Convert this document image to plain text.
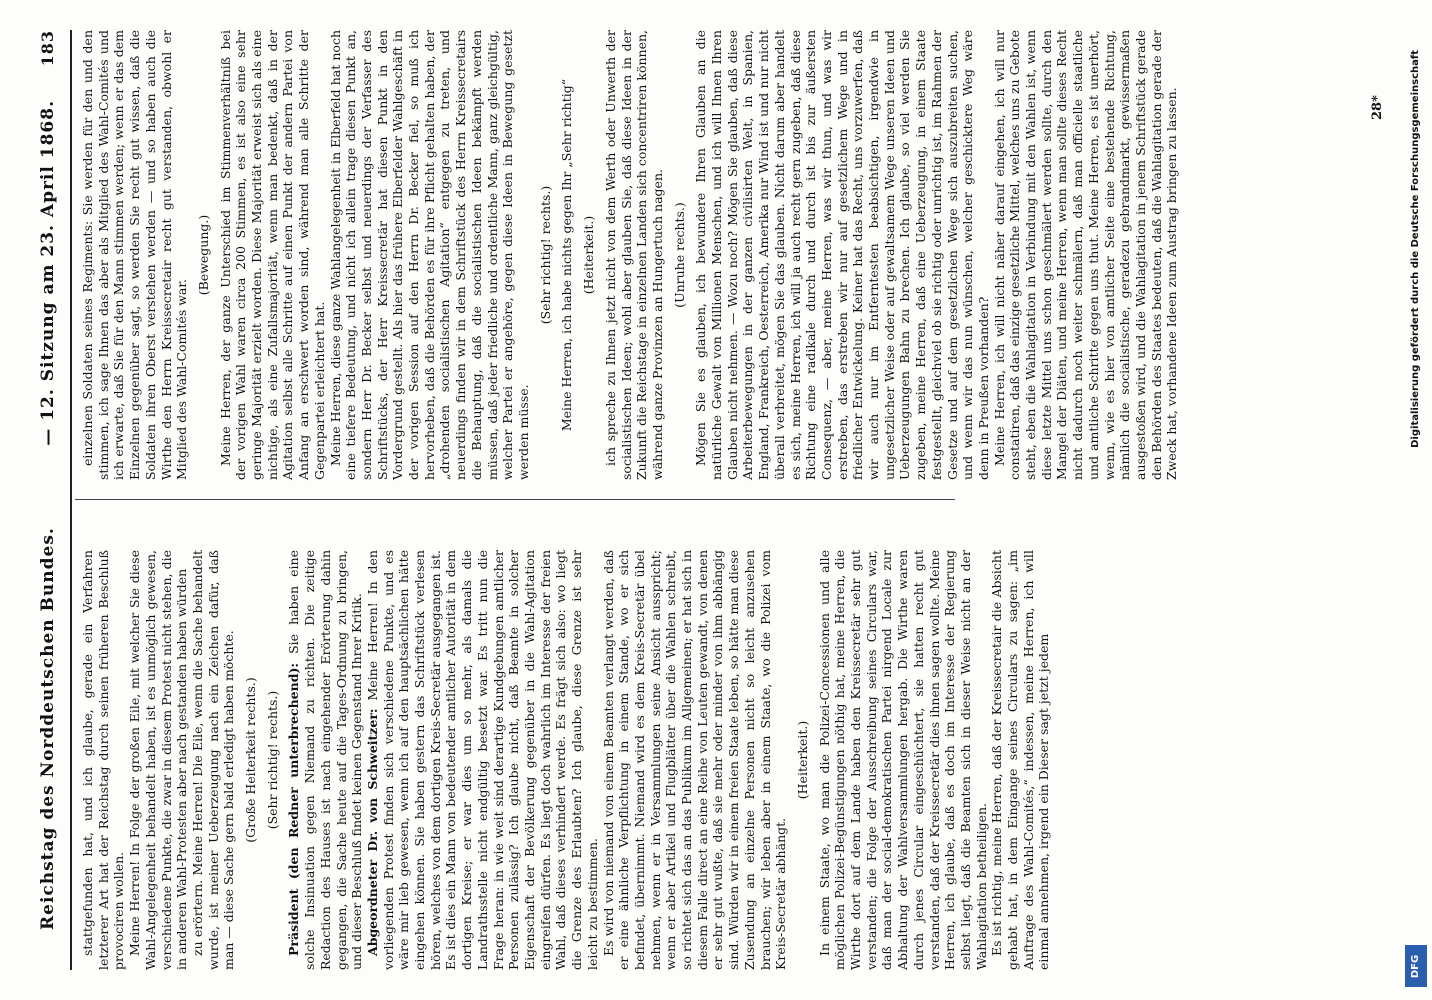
Reichstag des Norddeutschen Bundes.
— 12. Sitzung am 23. April 1868.
183

stattgefunden hat, und ich glaube, gerade ein Verfahren letzterer Art hat der Reichstag durch seinen früheren Beschluß provociren wollen. Meine Herren! In Folge der großen Eile, mit welcher Sie diese Wahl-Angelegenheit behandelt haben, ist es unmöglich gewesen, verschiedene Punkte, die zwar in diesem Protest nicht stehen, die in anderen Wahl-Protesten aber nach gestanden haben würden zu erörtern. Meine Herren! Die Eile, wenn die Sache behandelt wurde, ist meiner Ueberzeugung nach ein Zeichen dafür, daß man — diese Sache gern bald erledigt haben möchte. (Große Heiterkeit rechts.) (Sehr richtig! rechts.) Präsident (den Redner unterbrechend): Sie haben eine solche Insinuation gegen Niemand zu richten. Die zeitige Redaction des Hauses ist nach eingehender Erörterung dahin gegangen, die Sache heute auf die Tages-Ordnung zu bringen, und dieser Beschluß findet keinen Gegenstand Ihrer Kritik. Abgeordneter Dr. von Schweitzer: Meine Herren! In den vorliegenden Protest finden sich verschiedene Punkte, und es wäre mir lieb gewesen, wenn ich auf den hauptsächlichen hätte eingehen können. Sie haben gestern das Schriftstück verlesen hören, welches von dem dortigen Kreis-Secretär ausgegangen ist. Es ist dies ein Mann von bedeutender amtlicher Autorität in dem dortigen Kreise; er war dies um so mehr, als damals die Landrathsstelle nicht endgültig besetzt war. Es tritt nun die Frage heran: in wie weit sind derartige Kundgebungen amtlicher Personen zulässig? Ich glaube nicht, daß Beamte in solcher Eigenschaft der Bevölkerung gegenüber in die Wahl-Agitation eingreifen dürfen. Es liegt doch wahrlich im Interesse der freien Wahl, daß dieses verhindert werde. Es frägt sich also: wo liegt die Grenze des Erlaubten? Ich glaube, diese Grenze ist sehr leicht zu bestimmen. Es wird von niemand von einem Beamten verlangt werden, daß er eine ähnliche Verpflichtung in einem Stande, wo er sich befindet, übernimmt. Niemand wird es dem Kreis-Secretär übel nehmen, wenn er in Versammlungen seine Ansicht ausspricht; wenn er aber Artikel und Flugblätter über die Wahlen schreibt, so richtet sich das an das Publikum im Allgemeinen; er hat sich in diesem Falle direct an eine Reihe von Leuten gewandt, von denen er sehr gut wußte, daß sie mehr oder minder von ihm abhängig sind. Würden wir in einem freien Staate leben, so hätte man diese Zusendung an einzelne Personen nicht so leicht anzusehen brauchen; wir leben aber in einem Staate, wo die Polizei vom Kreis-Secretär abhängt.

(Heiterkeit.) In einem Staate, wo man die Polizei-Concessionen und alle möglichen Polizei-Begünstigungen nöthig hat, meine Herren, die Wirthe dort auf dem Lande haben den Kreissecretär sehr gut verstanden; die Folge der Ausschreibung seines Circulars war, daß man der social-demokratischen Partei nirgend Locale zur Abhaltung der Wahlversammlungen hergab. Die Wirthe waren durch jenes Circular eingeschüchtert, sie hatten recht gut verstanden, daß der Kreissecretär dies ihnen sagen wollte. Meine Herren, ich glaube, daß es doch im Interesse der Regierung selbst liegt, daß die Beamten sich in dieser Weise nicht an der Wahlagitation betheiligen. Es ist richtig, meine Herren, daß der Kreissecretair die Absicht gehabt hat, in dem Eingange seines Circulars zu sagen: „im Auftrage des Wahl-Comités,“ indessen, meine Herren, ich will einmal annehmen, irgend ein Dieser sagt jetzt jedem

einzelnen Soldaten seines Regiments: Sie werden für den und den stimmen, ich sage Ihnen das aber als Mitglied des Wahl-Comités und ich erwarte, daß Sie für den Mann stimmen werden; wenn er das dem Einzelnen gegenüber sagt, so werden Sie recht gut wissen, daß die Soldaten ihren Oberst verstehen werden — und so haben auch die Wirthe den Herrn Kreissecretair recht gut verstanden, obwohl er Mitglied des Wahl-Comités war.

(Bewegung.) Meine Herren, der ganze Unterschied im Stimmenverhältniß bei der vorigen Wahl waren circa 200 Stimmen, es ist also eine sehr geringe Majorität erzielt worden. Diese Majorität erweist sich als eine nichtige, als eine Zufallsmajorität, wenn man bedenkt, daß in der Agitation selbst alle Schritte auf einen Punkt der andern Partei von Anfang an erschwert worden sind, während man alle Schritte der Gegenpartei erleichtert hat. Meine Herren, diese ganze Wahlangelegenheit in Elberfeld hat noch eine tiefere Bedeutung, und nicht ich allein trage diesen Punkt an, sondern Herr Dr. Becker selbst und neuerdings der Verfasser des Schriftstücks, der Herr Kreissecretär hat diesen Punkt in den Vordergrund gestellt. Als hier das frühere Elberfelder Wahlgeschäft in der vorigen Session auf den Herrn Dr. Becker fiel, so muß ich hervorheben, daß die Behörden es für ihre Pflicht gehalten haben, der „drohenden socialistischen Agitation“ entgegen zu treten, und neuerdings finden wir in dem Schriftstück des Herrn Kreissecretairs die Behauptung, daß die socialistischen Ideen bekämpft werden müssen, daß jeder friedliche und ordentliche Mann, ganz gleichgültig, welcher Partei er angehöre, gegen diese Ideen in Bewegung gesetzt werden müsse.

(Sehr richtig! rechts.) Meine Herren, ich habe nichts gegen Ihr „Sehr richtig“ (Heiterkeit.) ich spreche zu Ihnen jetzt nicht von dem Werth oder Unwerth der socialistischen Ideen; wohl aber glauben Sie, daß diese Ideen in der Zukunft die Reichstage in einzelnen Landen sich concentriren können, während ganze Provinzen an Hungertuch nagen. (Unruhe rechts.) Mögen Sie es glauben, ich bewundere Ihren Glauben an die natürliche Gewalt von Millionen Menschen, und ich will Ihnen Ihren Glauben nicht nehmen. — Wozu noch? Mögen Sie glauben, daß diese Arbeiterbewegungen in der ganzen civilisirten Welt, in Spanien, England, Frankreich, Oesterreich, Amerika nur Wind ist und nur nicht überall verbreitet, mögen Sie das glauben. Nicht darum aber handelt es sich, meine Herren, ich will ja auch recht gern zugeben, daß diese Richtung eine radikale durch und durch ist bis zur äußersten Consequenz, — aber, meine Herren, was wir thun, und was wir erstreben, das erstreben wir nur auf gesetzlichem Wege und in friedlicher Entwickelung. Keiner hat das Recht, uns vorzuwerfen, daß wir auch nur im Entferntesten beabsichtigen, irgendwie in ungesetzlicher Weise oder auf gewaltsamem Wege unseren Ideen und Ueberzeugungen Bahn zu brechen. Ich glaube, so viel werden Sie zugeben, meine Herren, daß eine Ueberzeugung, in einem Staate festgestellt, gleichviel ob sie richtig oder unrichtig ist, im Rahmen der Gesetze und auf dem gesetzlichen Wege sich auszubreiten suchen, und wenn wir das nun wünschen, welcher geschicktere Weg wäre denn in Preußen vorhanden? Meine Herren, ich will nicht näher darauf eingehen, ich will nur constatiren, daß das einzige gesetzliche Mittel, welches uns zu Gebote steht, eben die Wahlagitation in Verbindung mit den Wahlen ist, wenn diese letzte Mittel uns schon geschmälert werden sollte, durch den Mangel der Diäten, und meine Herren, wenn man sollte dieses Recht nicht dadurch noch weiter schmälern, daß man officielle staatliche und amtliche Schritte gegen uns thut. Meine Herren, es ist unerhört, wenn, wie es hier von amtlicher Seite eine bestehende Richtung, nämlich die socialistische, geradezu gebrandmarkt, gewissermaßen ausgestoßen wird, und die Wahlagitation in jenem Schriftstück gerade den Behörden des Staates bedeuten, daß die Wahlagitation gerade der Zweck hat, vorhandene Ideen zum Austrag bringen zu lassen.	28*	Digitalisierung gefördert durch die Deutsche Forschungsgemeinschaft
DFG
